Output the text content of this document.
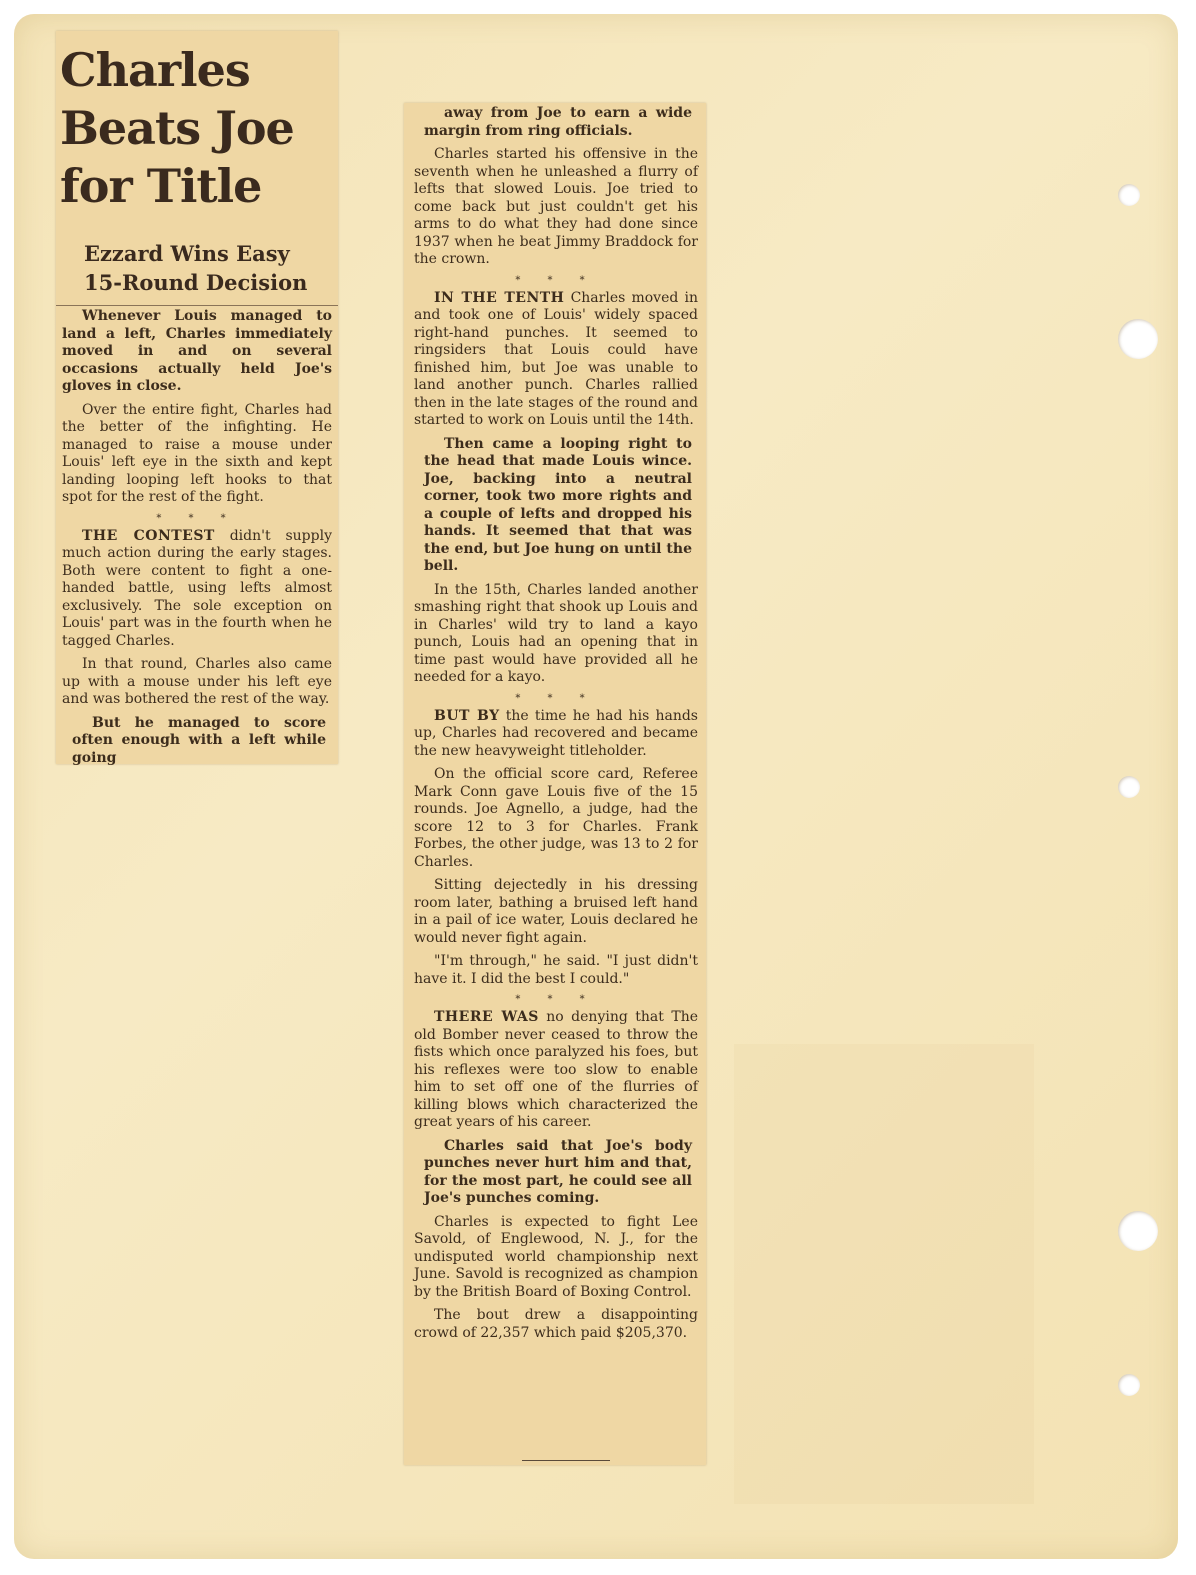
Charles
Beats Joe
for Title
Ezzard Wins Easy
15-Round Decision
Whenever Louis managed to land a left, Charles immediately moved in and on several occasions actually held Joe's gloves in close.
Over the entire fight, Charles had the better of the infighting. He managed to raise a mouse under Louis' left eye in the sixth and kept landing looping left hooks to that spot for the rest of the fight.
* * *
THE CONTEST didn't supply much action during the early stages. Both were content to fight a one-handed battle, using lefts almost exclusively. The sole exception on Louis' part was in the fourth when he tagged Charles.
In that round, Charles also came up with a mouse under his left eye and was bothered the rest of the way.
But he managed to score often enough with a left while going
away from Joe to earn a wide margin from ring officials.
Charles started his offensive in the seventh when he unleashed a flurry of lefts that slowed Louis. Joe tried to come back but just couldn't get his arms to do what they had done since 1937 when he beat Jimmy Braddock for the crown.
* * *
IN THE TENTH Charles moved in and took one of Louis' widely spaced right-hand punches. It seemed to ringsiders that Louis could have finished him, but Joe was unable to land another punch. Charles rallied then in the late stages of the round and started to work on Louis until the 14th.
Then came a looping right to the head that made Louis wince. Joe, backing into a neutral corner, took two more rights and a couple of lefts and dropped his hands. It seemed that that was the end, but Joe hung on until the bell.
In the 15th, Charles landed another smashing right that shook up Louis and in Charles' wild try to land a kayo punch, Louis had an opening that in time past would have provided all he needed for a kayo.
* * *
BUT BY the time he had his hands up, Charles had recovered and became the new heavyweight titleholder.
On the official score card, Referee Mark Conn gave Louis five of the 15 rounds. Joe Agnello, a judge, had the score 12 to 3 for Charles. Frank Forbes, the other judge, was 13 to 2 for Charles.
Sitting dejectedly in his dressing room later, bathing a bruised left hand in a pail of ice water, Louis declared he would never fight again.
"I'm through," he said. "I just didn't have it. I did the best I could."
* * *
THERE WAS no denying that The old Bomber never ceased to throw the fists which once paralyzed his foes, but his reflexes were too slow to enable him to set off one of the flurries of killing blows which characterized the great years of his career.
Charles said that Joe's body punches never hurt him and that, for the most part, he could see all Joe's punches coming.
Charles is expected to fight Lee Savold, of Englewood, N. J., for the undisputed world championship next June. Savold is recognized as champion by the British Board of Boxing Control.
The bout drew a disappointing crowd of 22,357 which paid $205,370.
